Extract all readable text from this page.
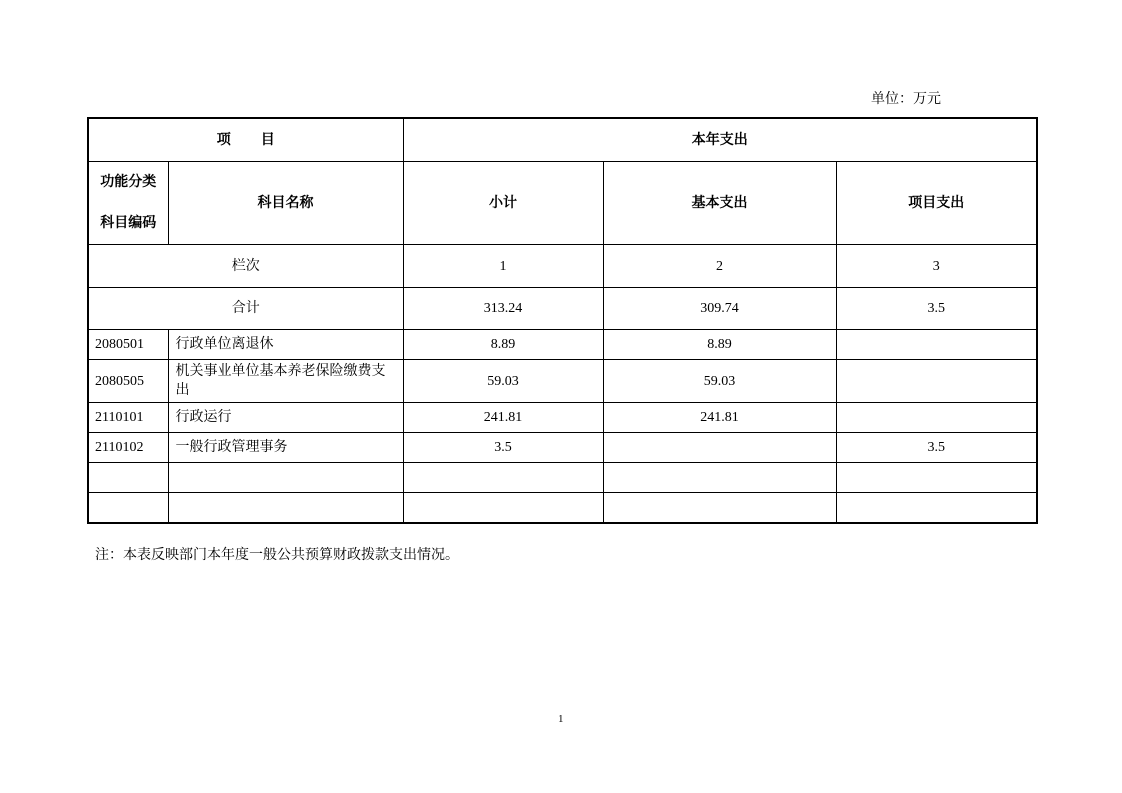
单位：万元
项 目		本年支出		

功能分类
科目编码	科目名称	小计	基本支出	项目支出
栏次		1	2	3
合计		313.24	309.74	3.5
2080501	行政单位离退休	8.89	8.89	
2080505	机关事业单位基本养老保险缴费支出	59.03	59.03	
2110101	行政运行	241.81	241.81	
2110102	一般行政管理事务	3.5		3.5

注：本表反映部门本年度一般公共预算财政拨款支出情况。
1
